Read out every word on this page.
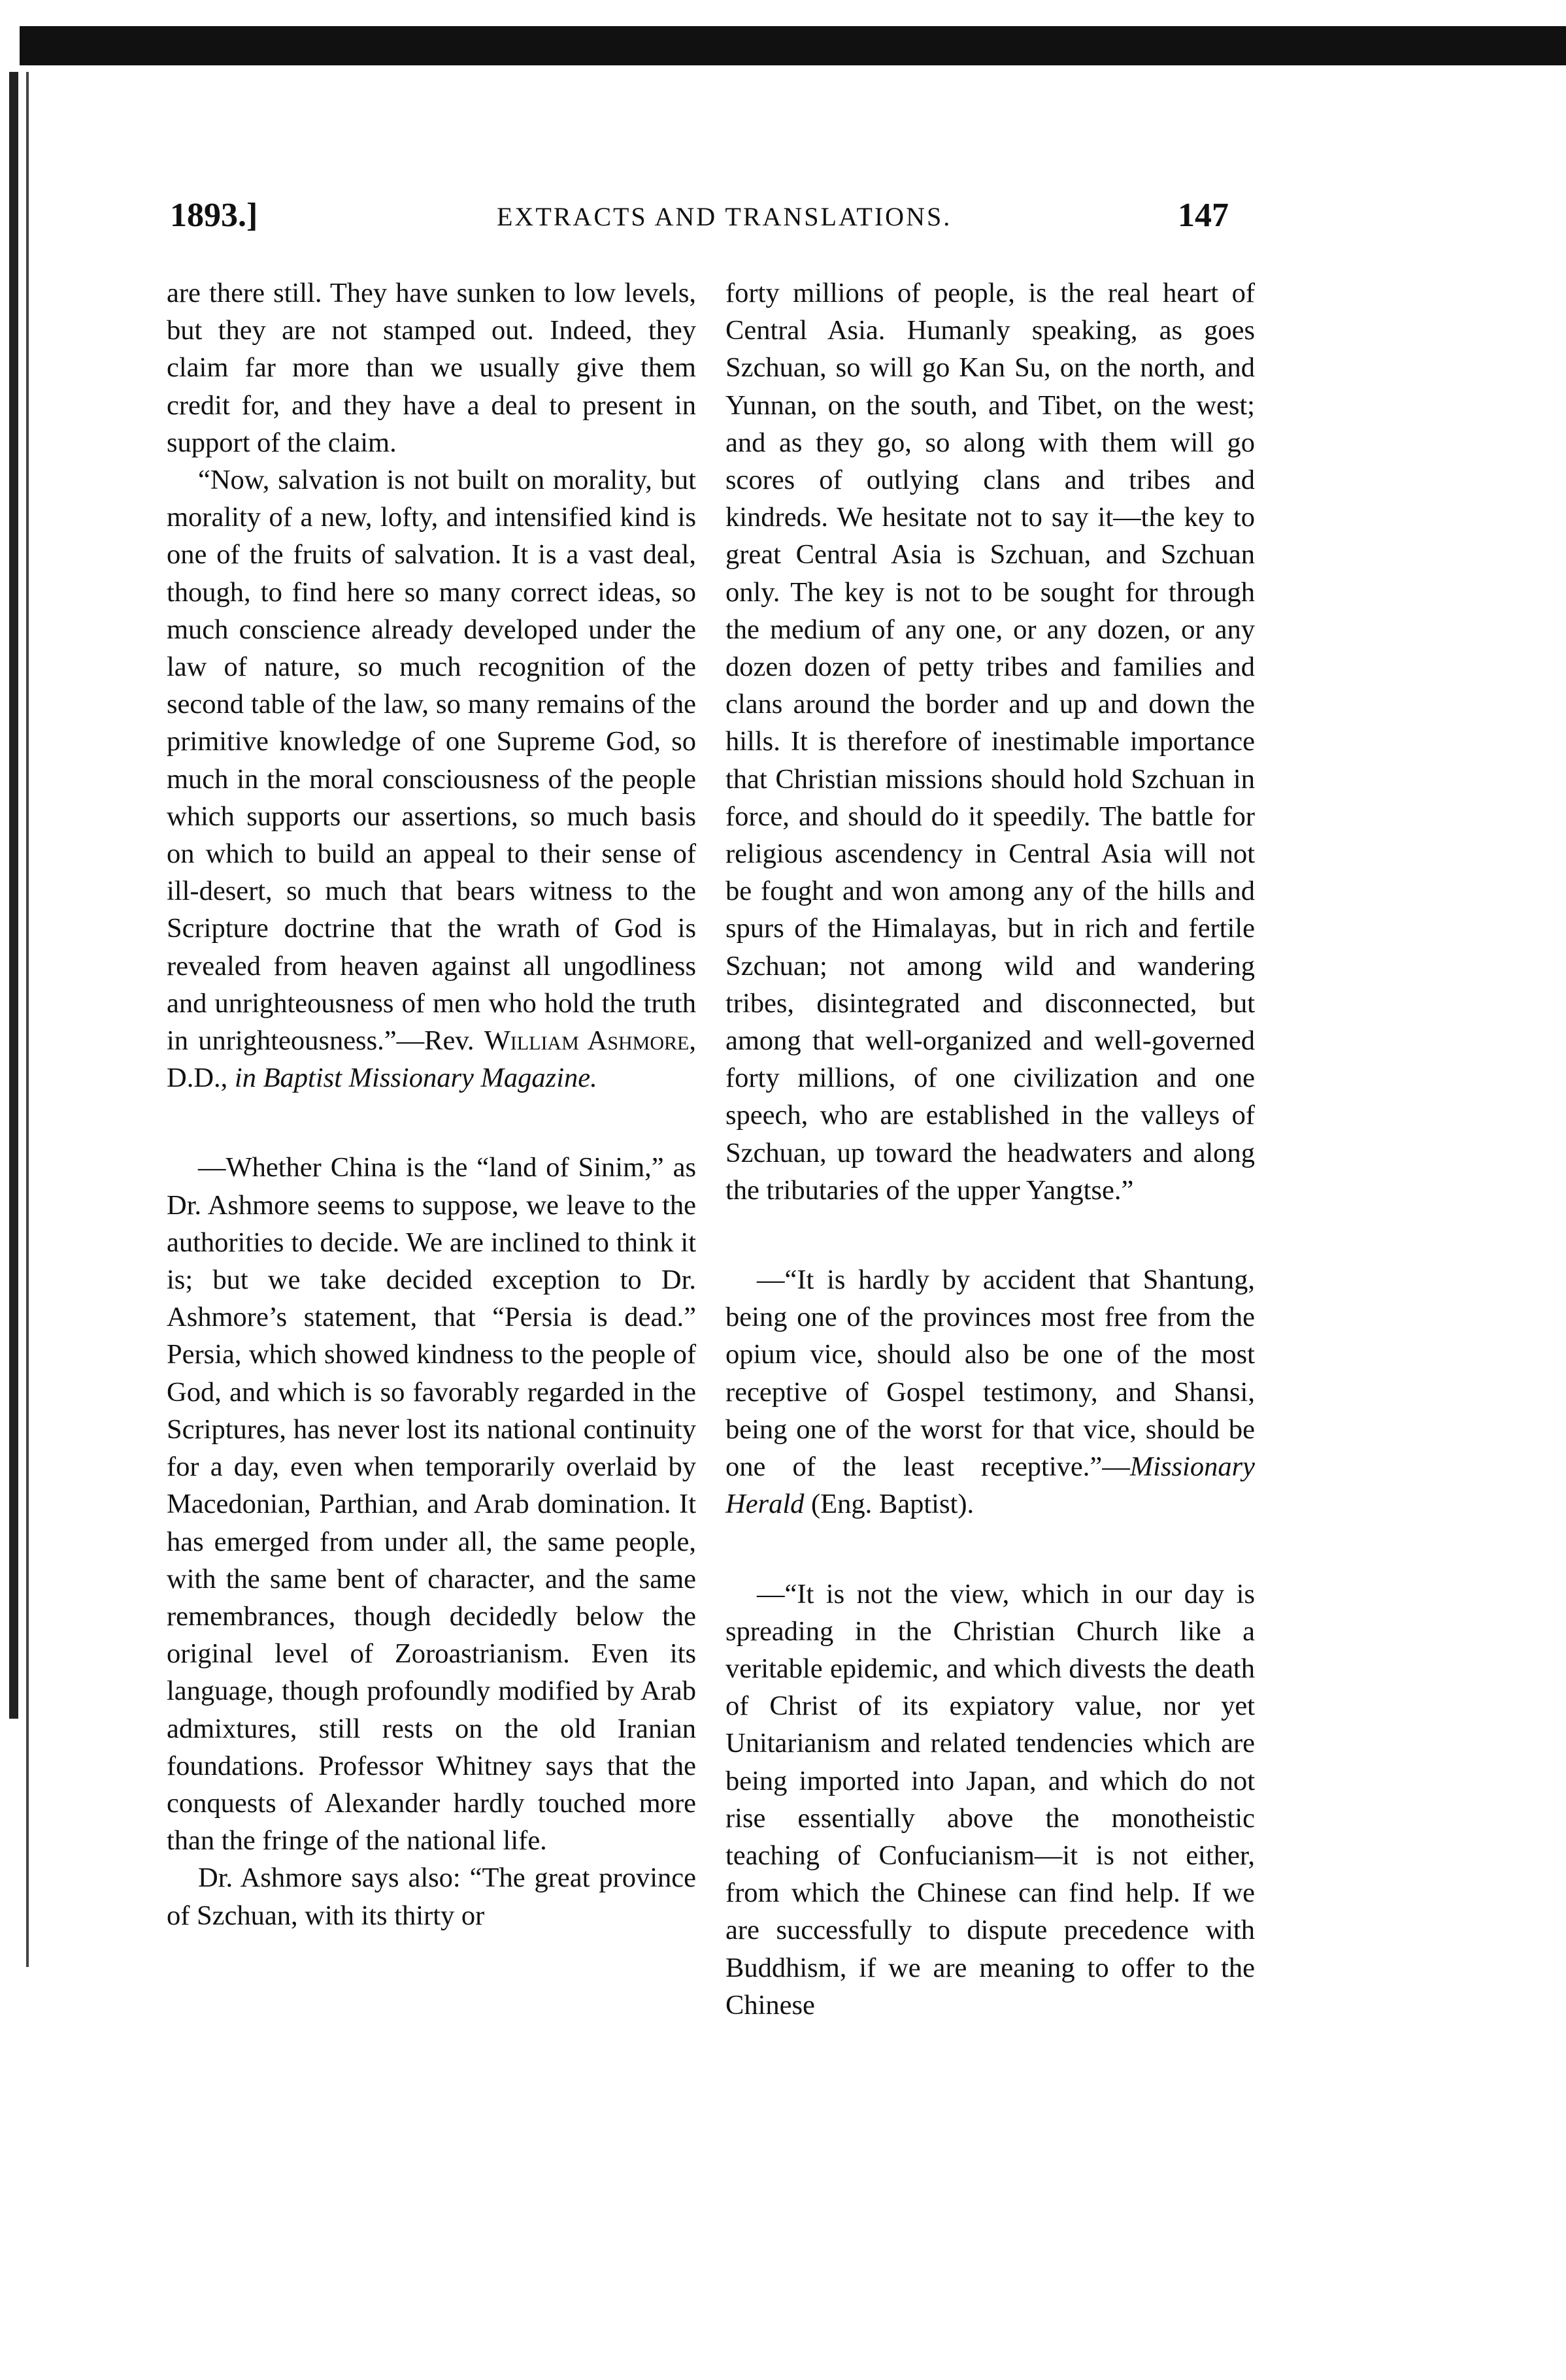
1893.]	EXTRACTS AND TRANSLATIONS.	147

are there still. They have sunken to low levels, but they are not stamped out. Indeed, they claim far more than we usually give them credit for, and they have a deal to present in support of the claim.

“Now, salvation is not built on morality, but morality of a new, lofty, and intensified kind is one of the fruits of salvation. It is a vast deal, though, to find here so many correct ideas, so much conscience already developed under the law of nature, so much recognition of the second table of the law, so many remains of the primitive knowledge of one Supreme God, so much in the moral consciousness of the people which supports our assertions, so much basis on which to build an appeal to their sense of ill-desert, so much that bears witness to the Scripture doctrine that the wrath of God is revealed from heaven against all ungodliness and unrighteousness of men who hold the truth in unrighteousness.”—Rev. William Ashmore, D.D., in Baptist Missionary Magazine.

—Whether China is the “land of Sinim,” as Dr. Ashmore seems to suppose, we leave to the authorities to decide. We are inclined to think it is; but we take decided exception to Dr. Ashmore’s statement, that “Persia is dead.” Persia, which showed kindness to the people of God, and which is so favorably regarded in the Scriptures, has never lost its national continuity for a day, even when temporarily overlaid by Macedonian, Parthian, and Arab domination. It has emerged from under all, the same people, with the same bent of character, and the same remembrances, though decidedly below the original level of Zoroastrianism. Even its language, though profoundly modified by Arab admixtures, still rests on the old Iranian foundations. Professor Whitney says that the conquests of Alexander hardly touched more than the fringe of the national life.

Dr. Ashmore says also: “The great province of Szchuan, with its thirty or

forty millions of people, is the real heart of Central Asia. Humanly speaking, as goes Szchuan, so will go Kan Su, on the north, and Yunnan, on the south, and Tibet, on the west; and as they go, so along with them will go scores of outlying clans and tribes and kindreds. We hesitate not to say it—the key to great Central Asia is Szchuan, and Szchuan only. The key is not to be sought for through the medium of any one, or any dozen, or any dozen dozen of petty tribes and families and clans around the border and up and down the hills. It is therefore of inestimable importance that Christian missions should hold Szchuan in force, and should do it speedily. The battle for religious ascendency in Central Asia will not be fought and won among any of the hills and spurs of the Himalayas, but in rich and fertile Szchuan; not among wild and wandering tribes, disintegrated and disconnected, but among that well-organized and well-governed forty millions, of one civilization and one speech, who are established in the valleys of Szchuan, up toward the headwaters and along the tributaries of the upper Yangtse.”

—“It is hardly by accident that Shantung, being one of the provinces most free from the opium vice, should also be one of the most receptive of Gospel testimony, and Shansi, being one of the worst for that vice, should be one of the least receptive.”—Missionary Herald (Eng. Baptist).

—“It is not the view, which in our day is spreading in the Christian Church like a veritable epidemic, and which divests the death of Christ of its expiatory value, nor yet Unitarianism and related tendencies which are being imported into Japan, and which do not rise essentially above the monotheistic teaching of Confucianism—it is not either, from which the Chinese can find help. If we are successfully to dispute precedence with Buddhism, if we are meaning to offer to the Chinese
